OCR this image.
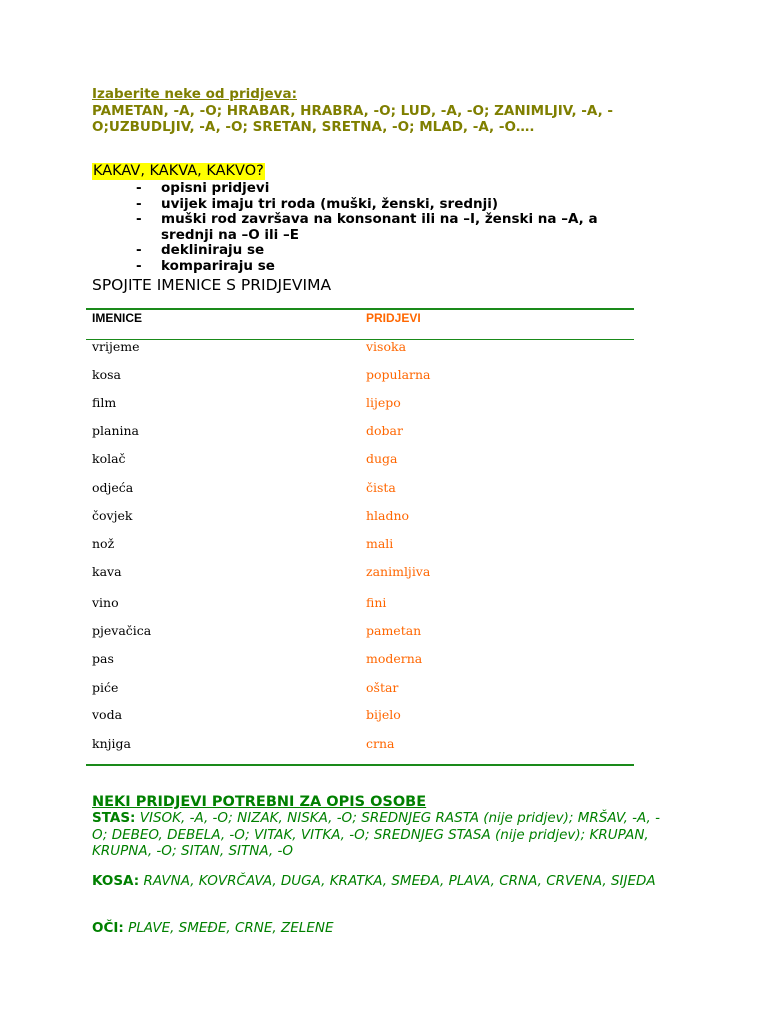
Izaberite neke od pridjeva:
PAMETAN, -A, -O; HRABAR, HRABRA, -O; LUD, -A, -O; ZANIMLJIV, -A, -O;UZBUDLJIV, -A, -O; SRETAN, SRETNA, -O; MLAD, -A, -O….
KAKAV, KAKVA, KAKVO?
- opisni pridjevi
- uvijek imaju tri roda (muški, ženski, srednji)
- muški rod završava na konsonant ili na –I, ženski na –A, a srednji na –O ili –E
- dekliniraju se
- kompariraju se
SPOJITE IMENICE S PRIDJEVIMA
IMENICE	PRIDJEVI
vrijeme	visoka
kosa	popularna
film	lijepo
planina	dobar
kolač	duga
odjeća	čista
čovjek	hladno
nož	mali
kava	zanimljiva
vino	fini
pjevačica	pametan
pas	moderna
piće	oštar
voda	bijelo
knjiga	crna
NEKI PRIDJEVI POTREBNI ZA OPIS OSOBE
STAS: VISOK, -A, -O; NIZAK, NISKA, -O; SREDNJEG RASTA (nije pridjev); MRŠAV, -A, -O; DEBEO, DEBELA, -O; VITAK, VITKA, -O; SREDNJEG STASA (nije pridjev); KRUPAN, KRUPNA, -O; SITAN, SITNA, -O
KOSA: RAVNA, KOVRČAVA, DUGA, KRATKA, SMEĐA, PLAVA, CRNA, CRVENA, SIJEDA
OČI: PLAVE, SMEĐE, CRNE, ZELENE
